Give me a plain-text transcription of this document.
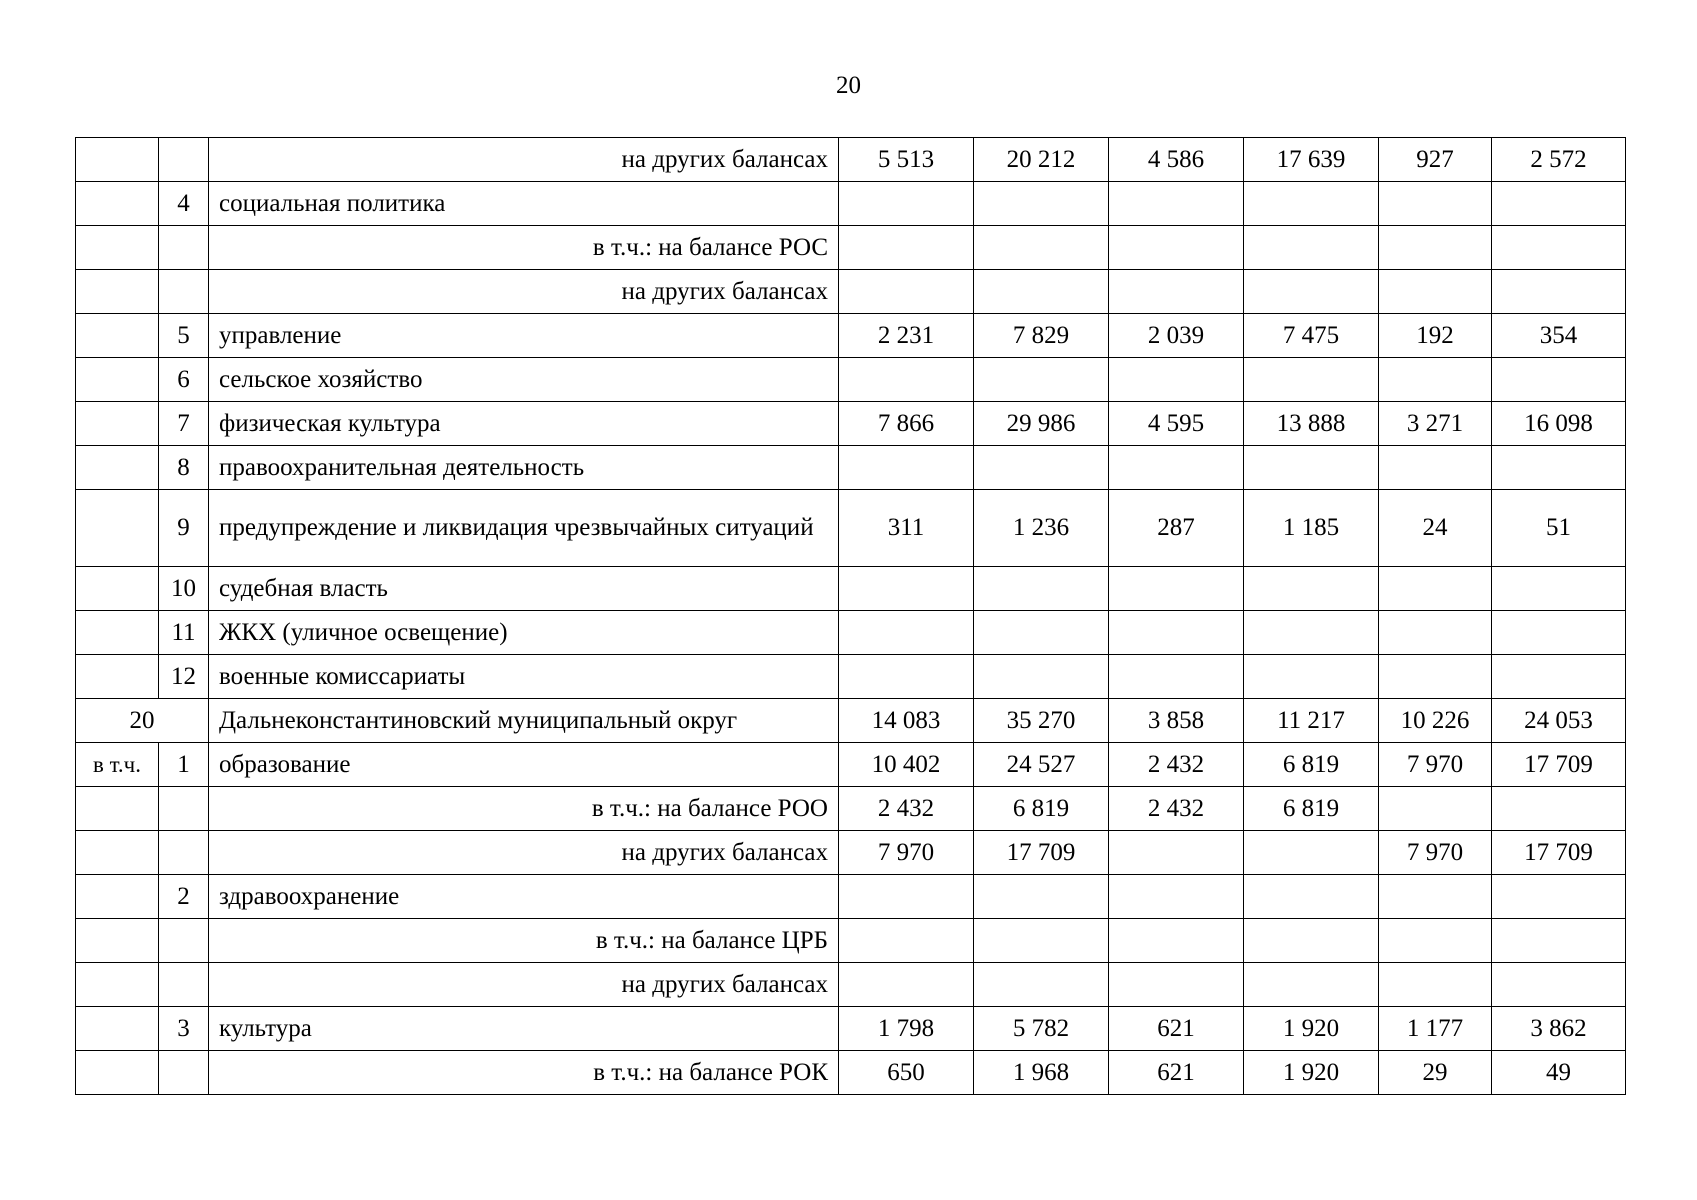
20
		на других балансах	5 513	20 212	4 586	17 639	927	2 572
	4	социальная политика						
		в т.ч.: на балансе РОС						
		на других балансах						
	5	управление	2 231	7 829	2 039	7 475	192	354
	6	сельское хозяйство						
	7	физическая культура	7 866	29 986	4 595	13 888	3 271	16 098
	8	правоохранительная деятельность						
	9	предупреждение и ликвидация чрезвычайных ситуаций	311	1 236	287	1 185	24	51
	10	судебная власть						
	11	ЖКХ (уличное освещение)						
	12	военные комиссариаты						
20		Дальнеконстантиновский муниципальный округ	14 083	35 270	3 858	11 217	10 226	24 053
в т.ч.	1	образование	10 402	24 527	2 432	6 819	7 970	17 709
		в т.ч.: на балансе РОО	2 432	6 819	2 432	6 819		
		на других балансах	7 970	17 709			7 970	17 709
	2	здравоохранение						
		в т.ч.: на балансе ЦРБ						
		на других балансах						
	3	культура	1 798	5 782	621	1 920	1 177	3 862
		в т.ч.: на балансе РОК	650	1 968	621	1 920	29	49
